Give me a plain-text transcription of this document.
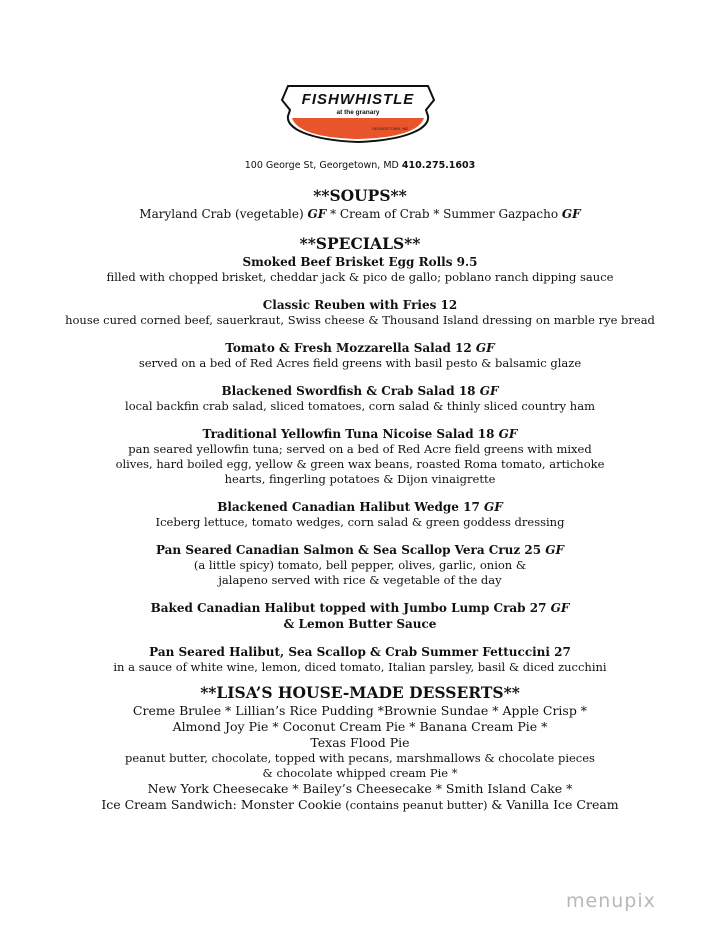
FISHWHISTLE
at the granary
GEORGETOWN, MD
100 George St, Georgetown, MD 410.275.1603
**SOUPS**
Maryland Crab (vegetable) GF * Cream of Crab * Summer Gazpacho GF
**SPECIALS**
Smoked Beef Brisket Egg Rolls 9.5
filled with chopped brisket, cheddar jack & pico de gallo; poblano ranch dipping sauce
Classic Reuben with Fries 12
house cured corned beef, sauerkraut, Swiss cheese & Thousand Island dressing on marble rye bread
Tomato & Fresh Mozzarella Salad 12 GF
served on a bed of Red Acres field greens with basil pesto & balsamic glaze
Blackened Swordfish & Crab Salad 18 GF
local backfin crab salad, sliced tomatoes, corn salad & thinly sliced country ham
Traditional Yellowfin Tuna Nicoise Salad 18 GF
pan seared yellowfin tuna; served on a bed of Red Acre field greens with mixed olives, hard boiled egg, yellow & green wax beans, roasted Roma tomato, artichoke hearts, fingerling potatoes & Dijon vinaigrette
Blackened Canadian Halibut Wedge 17 GF
Iceberg lettuce, tomato wedges, corn salad & green goddess dressing
Pan Seared Canadian Salmon & Sea Scallop Vera Cruz 25 GF
(a little spicy) tomato, bell pepper, olives, garlic, onion & jalapeno served with rice & vegetable of the day
Baked Canadian Halibut topped with Jumbo Lump Crab 27 GF
& Lemon Butter Sauce
Pan Seared Halibut, Sea Scallop & Crab Summer Fettuccini 27
in a sauce of white wine, lemon, diced tomato, Italian parsley, basil & diced zucchini
**LISA’S HOUSE-MADE DESSERTS**
Creme Brulee * Lillian’s Rice Pudding *Brownie Sundae * Apple Crisp *
Almond Joy Pie * Coconut Cream Pie * Banana Cream Pie *
Texas Flood Pie
peanut butter, chocolate, topped with pecans, marshmallows & chocolate pieces
& chocolate whipped cream Pie *
New York Cheesecake * Bailey’s Cheesecake * Smith Island Cake *
Ice Cream Sandwich: Monster Cookie (contains peanut butter) & Vanilla Ice Cream
menupix
